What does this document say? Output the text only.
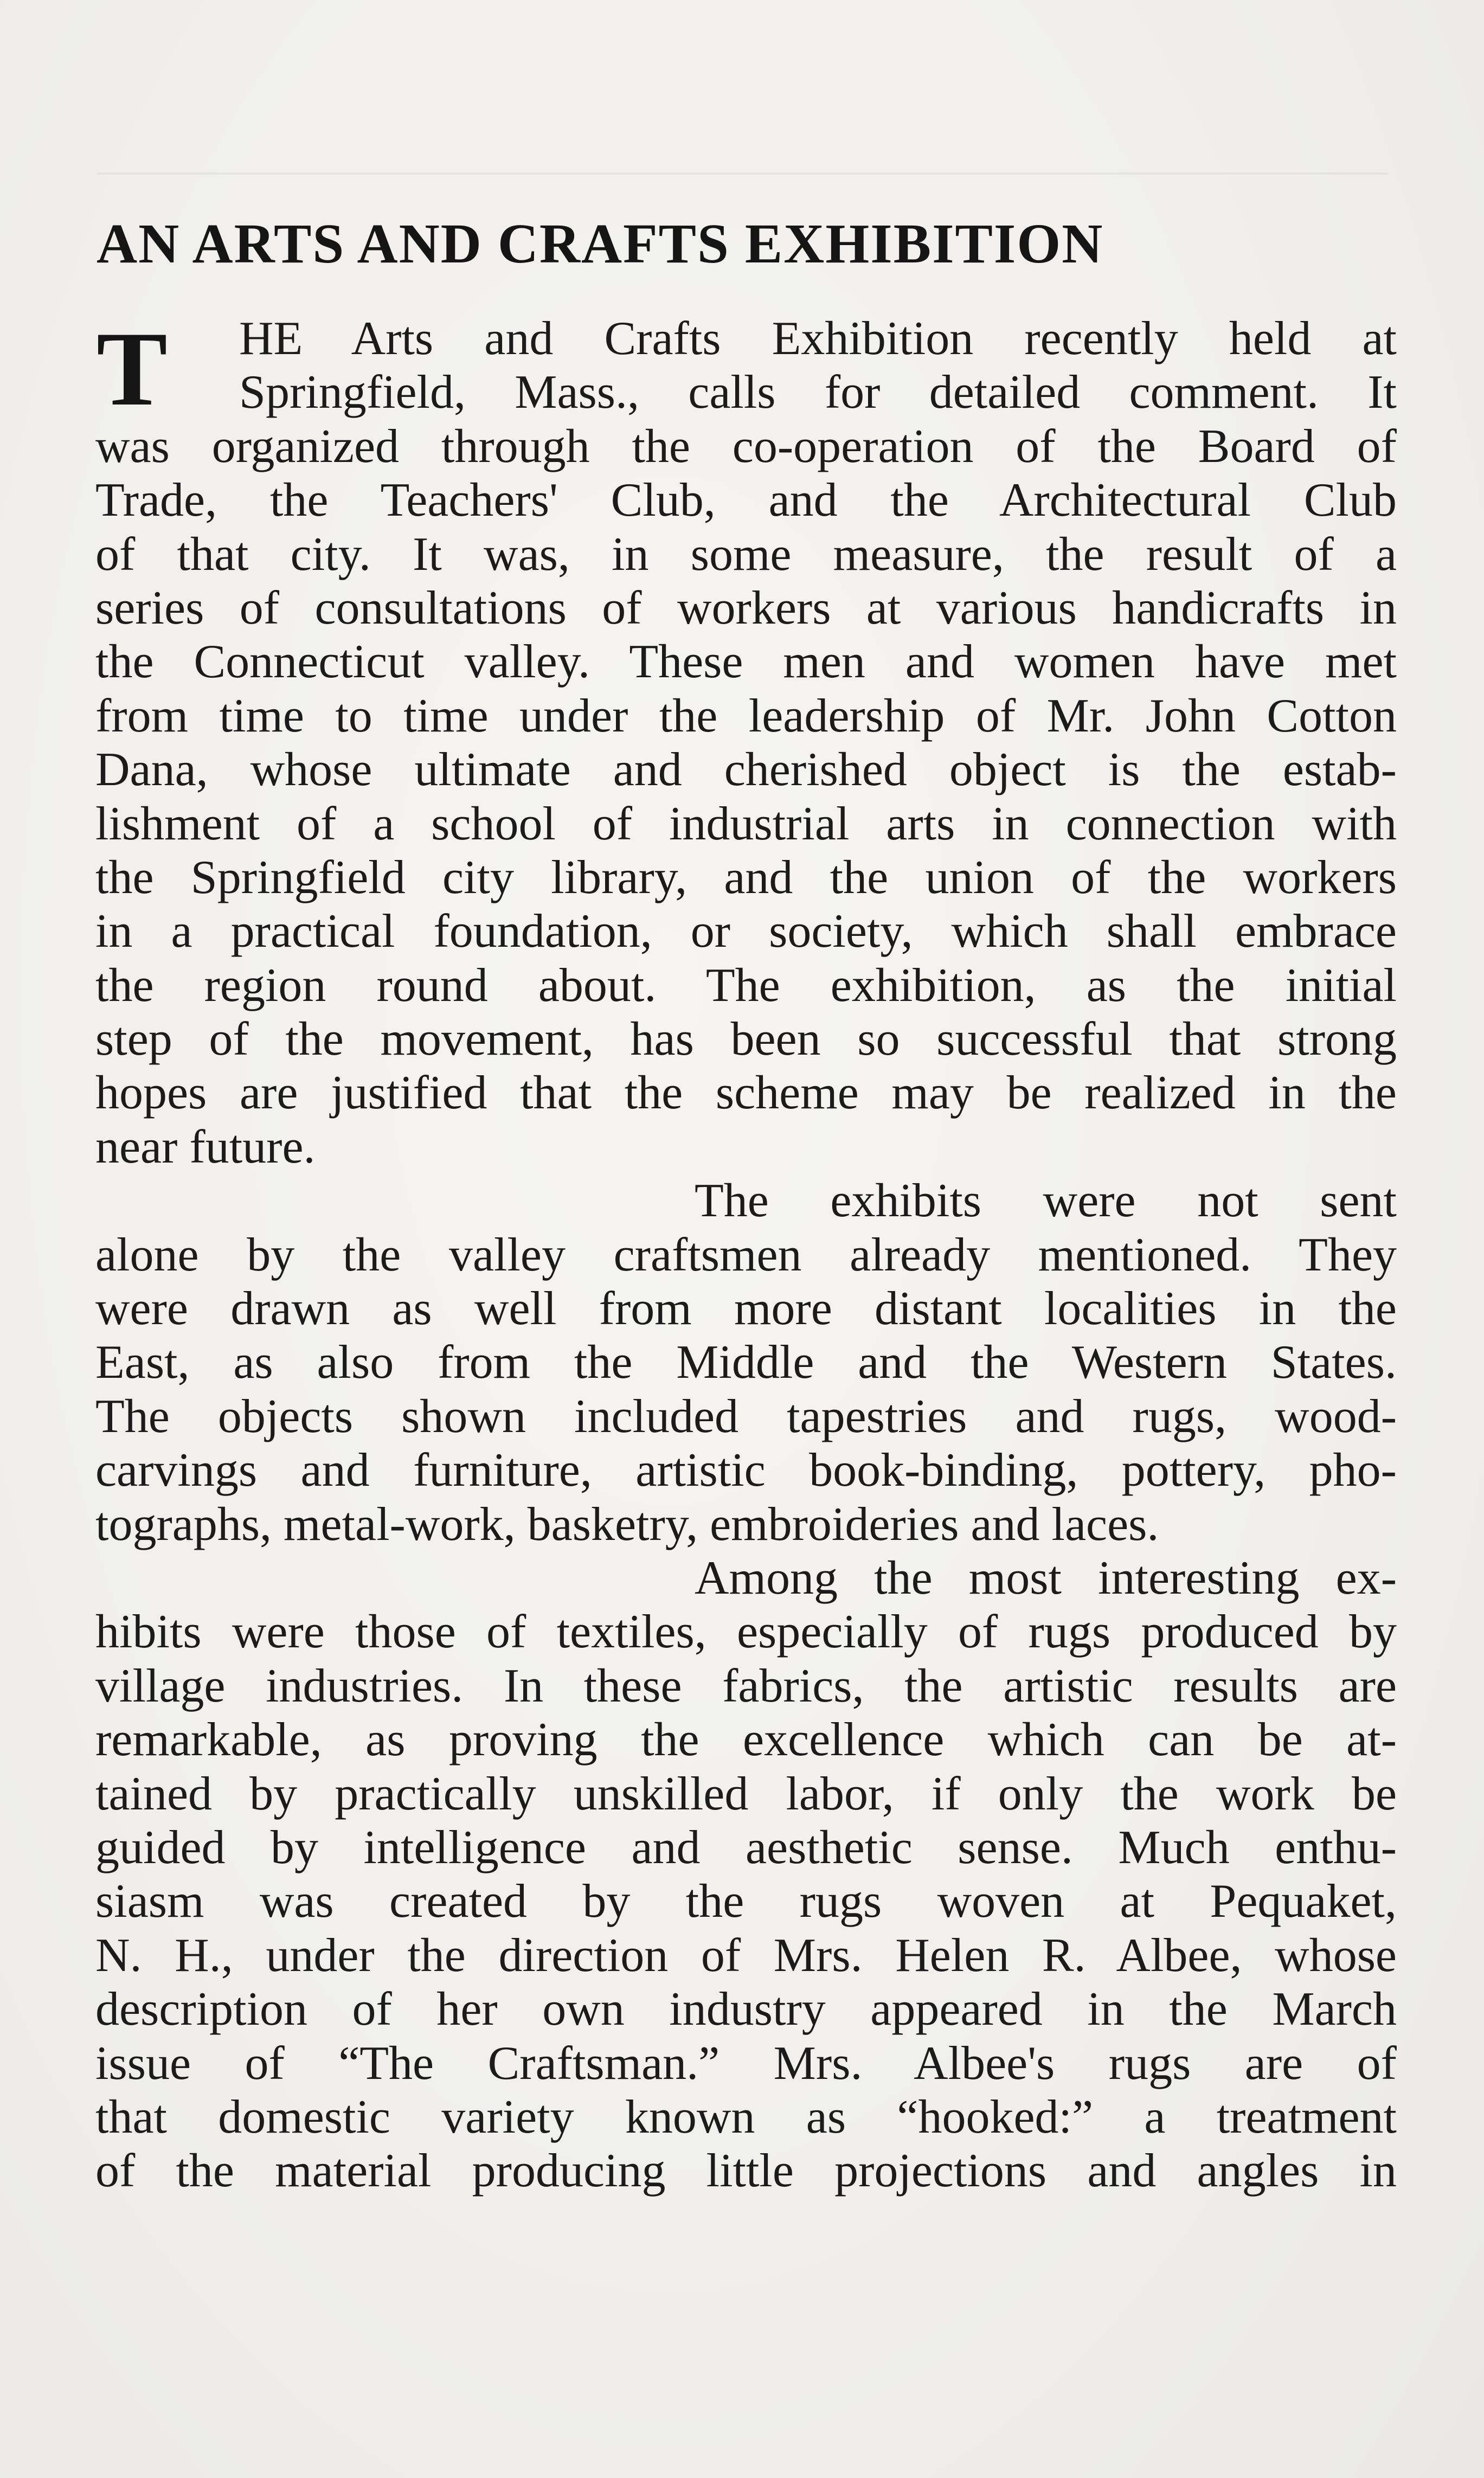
AN ARTS AND CRAFTS EXHIBITION
T	HE Arts and Crafts Exhibition recently held at
Springfield, Mass., calls for detailed comment. It
was organized through the co-operation of the Board of
Trade, the Teachers' Club, and the Architectural Club
of that city. It was, in some measure, the result of a
series of consultations of workers at various handicrafts in
the Connecticut valley. These men and women have met
from time to time under the leadership of Mr. John Cotton
Dana, whose ultimate and cherished object is the estab-
lishment of a school of industrial arts in connection with
the Springfield city library, and the union of the workers
in a practical foundation, or society, which shall embrace
the region round about. The exhibition, as the initial
step of the movement, has been so successful that strong
hopes are justified that the scheme may be realized in the
near future.
The exhibits were not sent
alone by the valley craftsmen already mentioned. They
were drawn as well from more distant localities in the
East, as also from the Middle and the Western States.
The objects shown included tapestries and rugs, wood-
carvings and furniture, artistic book-binding, pottery, pho-
tographs, metal-work, basketry, embroideries and laces.
Among the most interesting ex-
hibits were those of textiles, especially of rugs produced by
village industries. In these fabrics, the artistic results are
remarkable, as proving the excellence which can be at-
tained by practically unskilled labor, if only the work be
guided by intelligence and aesthetic sense. Much enthu-
siasm was created by the rugs woven at Pequaket,
N. H., under the direction of Mrs. Helen R. Albee, whose
description of her own industry appeared in the March
issue of “The Craftsman.” Mrs. Albee's rugs are of
that domestic variety known as “hooked:” a treatment
of the material producing little projections and angles in
